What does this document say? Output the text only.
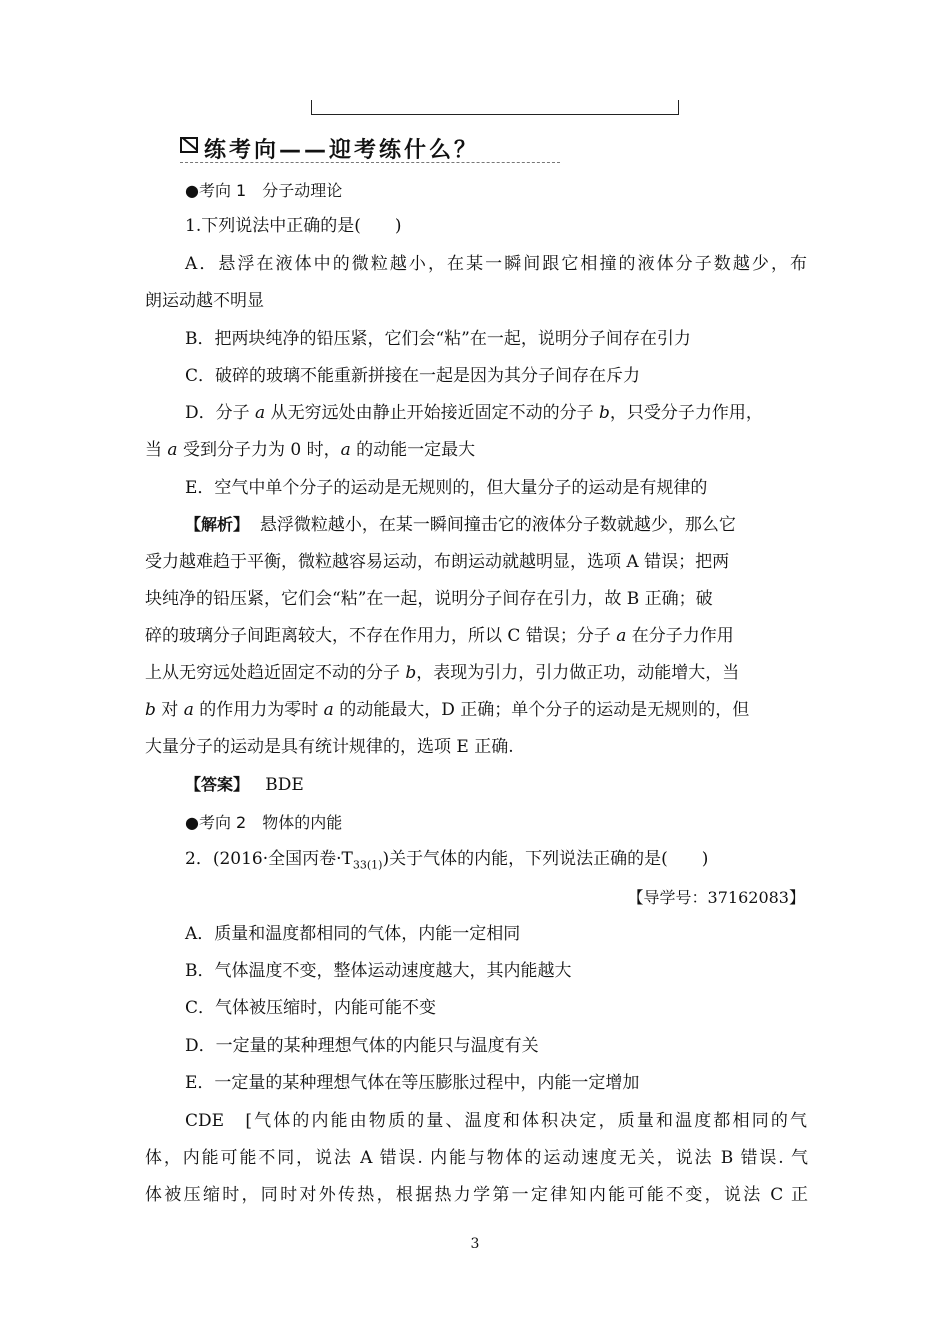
练考向——迎考练什么？
●考向 1　分子动理论
1.下列说法中正确的是(　　)
A．悬浮在液体中的微粒越小，在某一瞬间跟它相撞的液体分子数越少，布
朗运动越不明显
B．把两块纯净的铅压紧，它们会“粘”在一起，说明分子间存在引力
C．破碎的玻璃不能重新拼接在一起是因为其分子间存在斥力
D．分子 a 从无穷远处由静止开始接近固定不动的分子 b，只受分子力作用，
当 a 受到分子力为 0 时，a 的动能一定最大
E．空气中单个分子的运动是无规则的，但大量分子的运动是有规律的
【解析】 悬浮微粒越小，在某一瞬间撞击它的液体分子数就越少，那么它
受力越难趋于平衡，微粒越容易运动，布朗运动就越明显，选项 A 错误；把两
块纯净的铅压紧，它们会“粘”在一起，说明分子间存在引力，故 B 正确；破
碎的玻璃分子间距离较大，不存在作用力，所以 C 错误；分子 a 在分子力作用
上从无穷远处趋近固定不动的分子 b，表现为引力，引力做正功，动能增大，当
b 对 a 的作用力为零时 a 的动能最大，D 正确；单个分子的运动是无规则的，但
大量分子的运动是具有统计规律的，选项 E 正确.
【答案】 BDE
●考向 2　物体的内能
2．(2016·全国丙卷$\cdot T_{33(1)}$)关于气体的内能，下列说法正确的是(　　)
【导学号：37162083】
A．质量和温度都相同的气体，内能一定相同
B．气体温度不变，整体运动速度越大，其内能越大
C．气体被压缩时，内能可能不变
D．一定量的某种理想气体的内能只与温度有关
E．一定量的某种理想气体在等压膨胀过程中，内能一定增加
CDE　[气体的内能由物质的量、温度和体积决定，质量和温度都相同的气
体，内能可能不同，说法 A 错误. 内能与物体的运动速度无关，说法 B 错误. 气
体被压缩时，同时对外传热，根据热力学第一定律知内能可能不变，说法 C 正
3
